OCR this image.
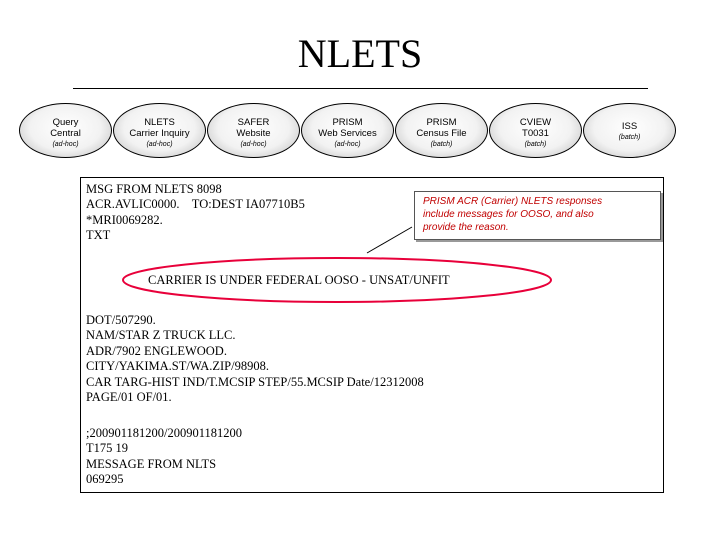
NLETS
Query
Central
(ad-hoc)
NLETS
Carrier Inquiry
(ad-hoc)
SAFER
Website
(ad-hoc)
PRISM
Web Services
(ad-hoc)
PRISM
Census File
(batch)
CVIEW
T0031
(batch)
ISS
(batch)
MSG FROM NLETS 8098
ACR.AVLIC0000.    TO:DEST IA07710B5
*MRI0069282.
TXT
CARRIER IS UNDER FEDERAL OOSO - UNSAT/UNFIT
DOT/507290.
NAM/STAR Z TRUCK LLC.
ADR/7902 ENGLEWOOD.
CITY/YAKIMA.ST/WA.ZIP/98908.
CAR TARG-HIST IND/T.MCSIP STEP/55.MCSIP Date/12312008
PAGE/01 OF/01.
;200901181200/200901181200
T175 19
MESSAGE FROM NLTS
069295
PRISM ACR (Carrier) NLETS responses
include messages for OOSO, and also
provide the reason.
